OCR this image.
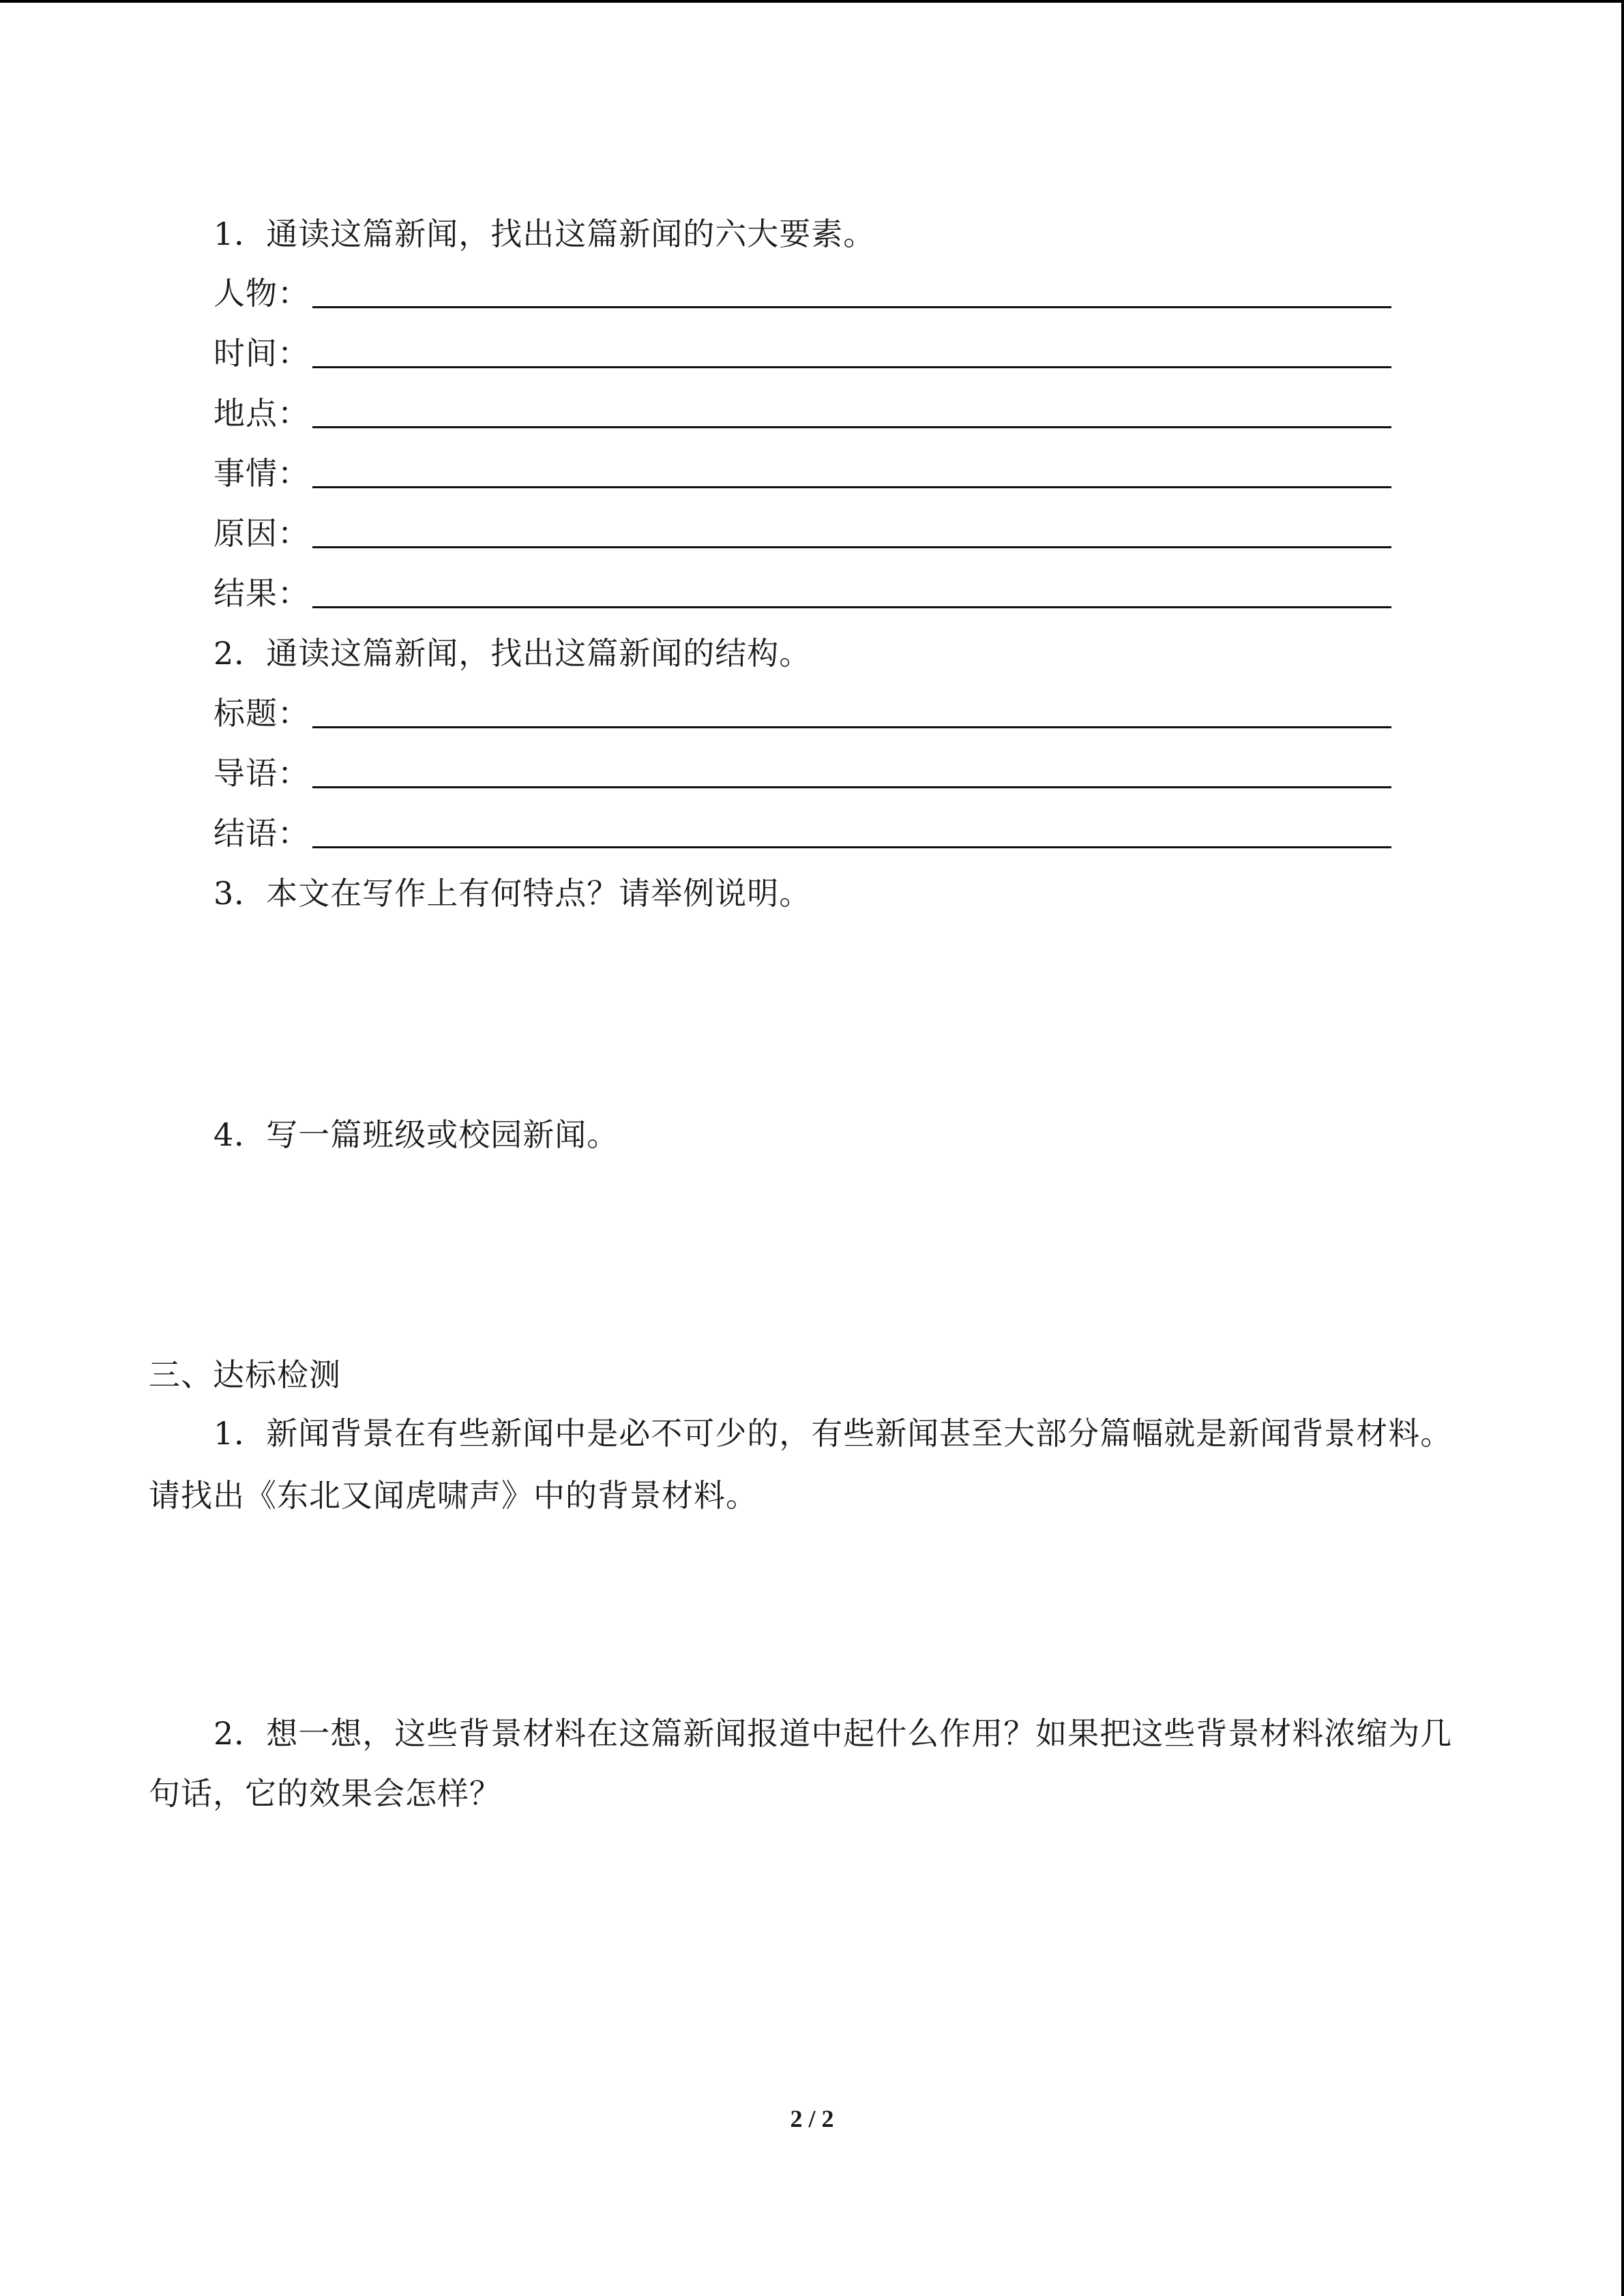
1．通读这篇新闻，找出这篇新闻的六大要素。
人物：
时间：
地点：
事情：
原因：
结果：
2．通读这篇新闻，找出这篇新闻的结构。
标题：
导语：
结语：
3．本文在写作上有何特点？请举例说明。
4．写一篇班级或校园新闻。
三、达标检测
1．新闻背景在有些新闻中是必不可少的，有些新闻甚至大部分篇幅就是新闻背景材料。
请找出《东北又闻虎啸声》中的背景材料。
2．想一想，这些背景材料在这篇新闻报道中起什么作用？如果把这些背景材料浓缩为几
句话，它的效果会怎样？
2 / 2
